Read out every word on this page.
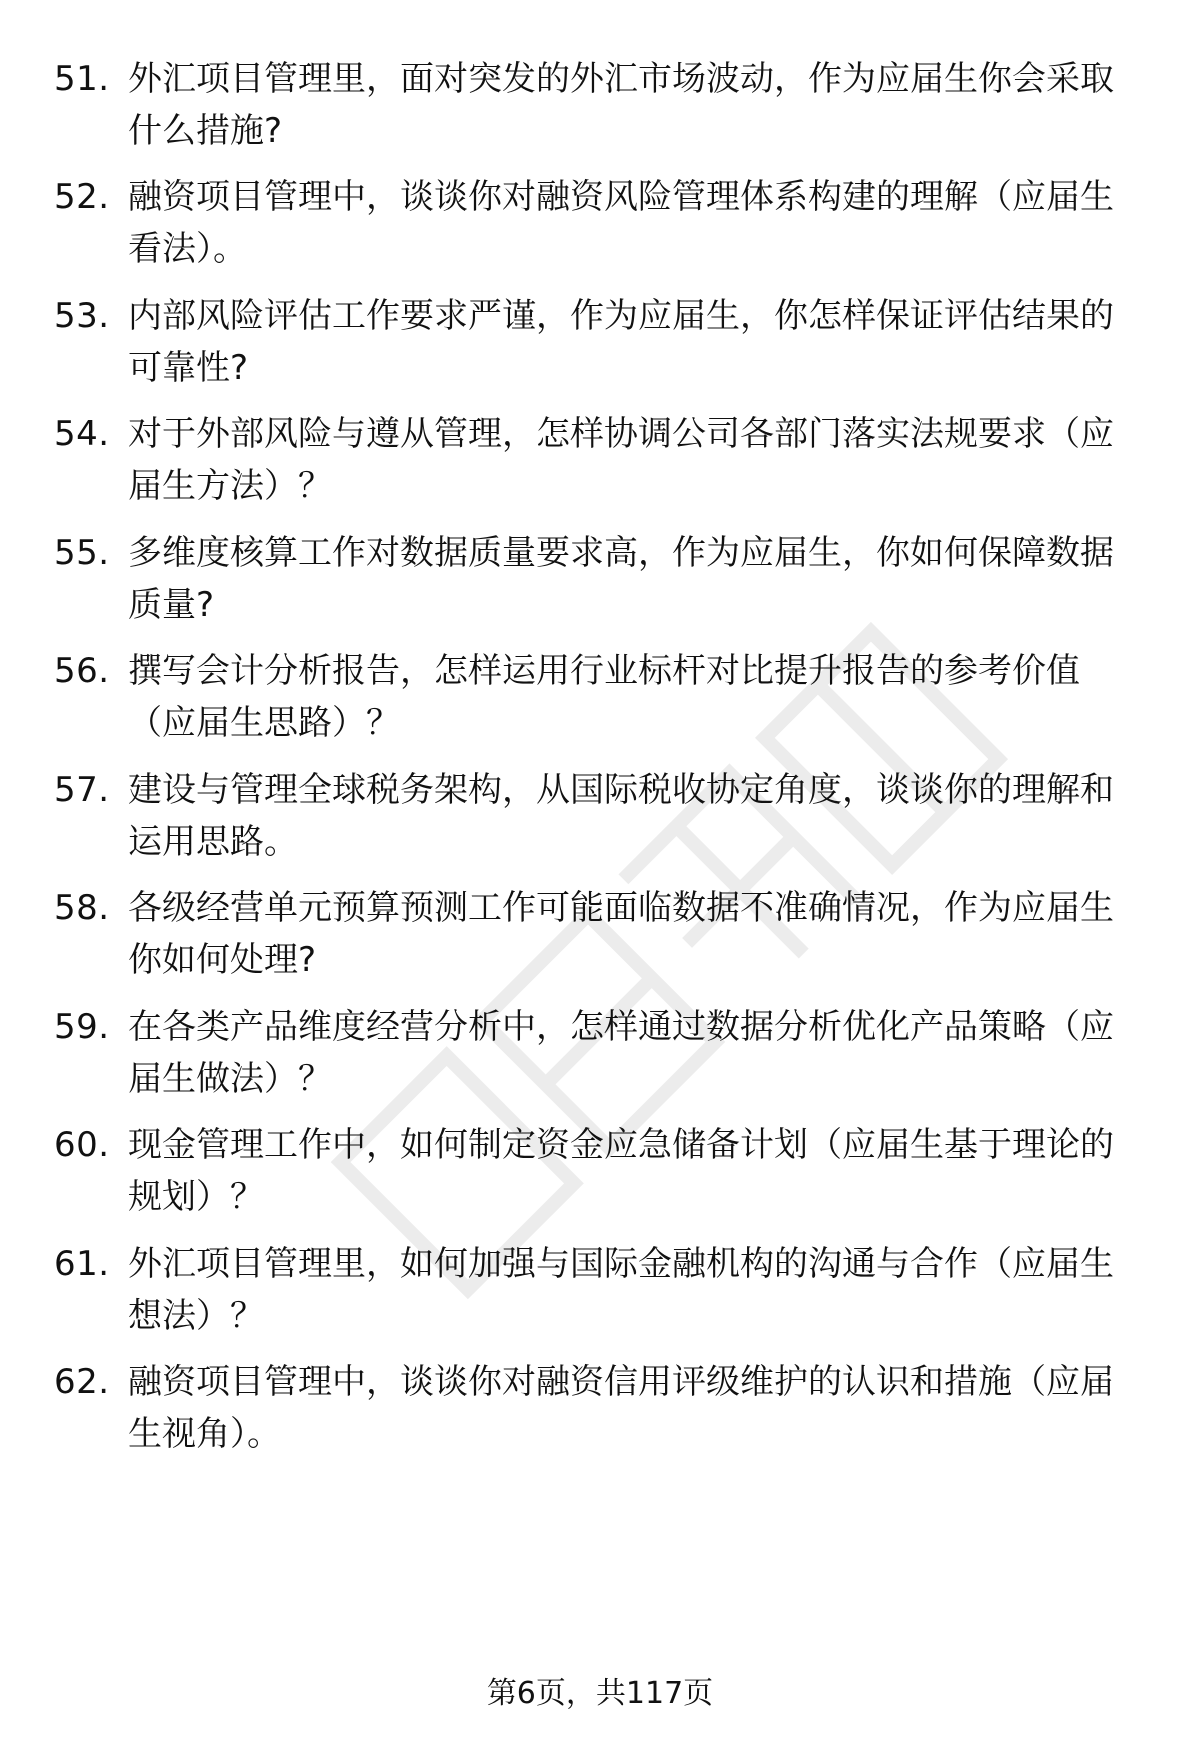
51. 外汇项目管理里，面对突发的外汇市场波动，作为应届生你会采取什么措施?
52. 融资项目管理中，谈谈你对融资风险管理体系构建的理解（应届生看法）。
53. 内部风险评估工作要求严谨，作为应届生，你怎样保证评估结果的可靠性?
54. 对于外部风险与遵从管理，怎样协调公司各部门落实法规要求（应届生方法）？
55. 多维度核算工作对数据质量要求高，作为应届生，你如何保障数据质量?
56. 撰写会计分析报告，怎样运用行业标杆对比提升报告的参考价值（应届生思路）？
57. 建设与管理全球税务架构，从国际税收协定角度，谈谈你的理解和运用思路。
58. 各级经营单元预算预测工作可能面临数据不准确情况，作为应届生你如何处理?
59. 在各类产品维度经营分析中，怎样通过数据分析优化产品策略（应届生做法）？
60. 现金管理工作中，如何制定资金应急储备计划（应届生基于理论的规划）？
61. 外汇项目管理里，如何加强与国际金融机构的沟通与合作（应届生想法）？
62. 融资项目管理中，谈谈你对融资信用评级维护的认识和措施（应届生视角）。
第6页，共117页
